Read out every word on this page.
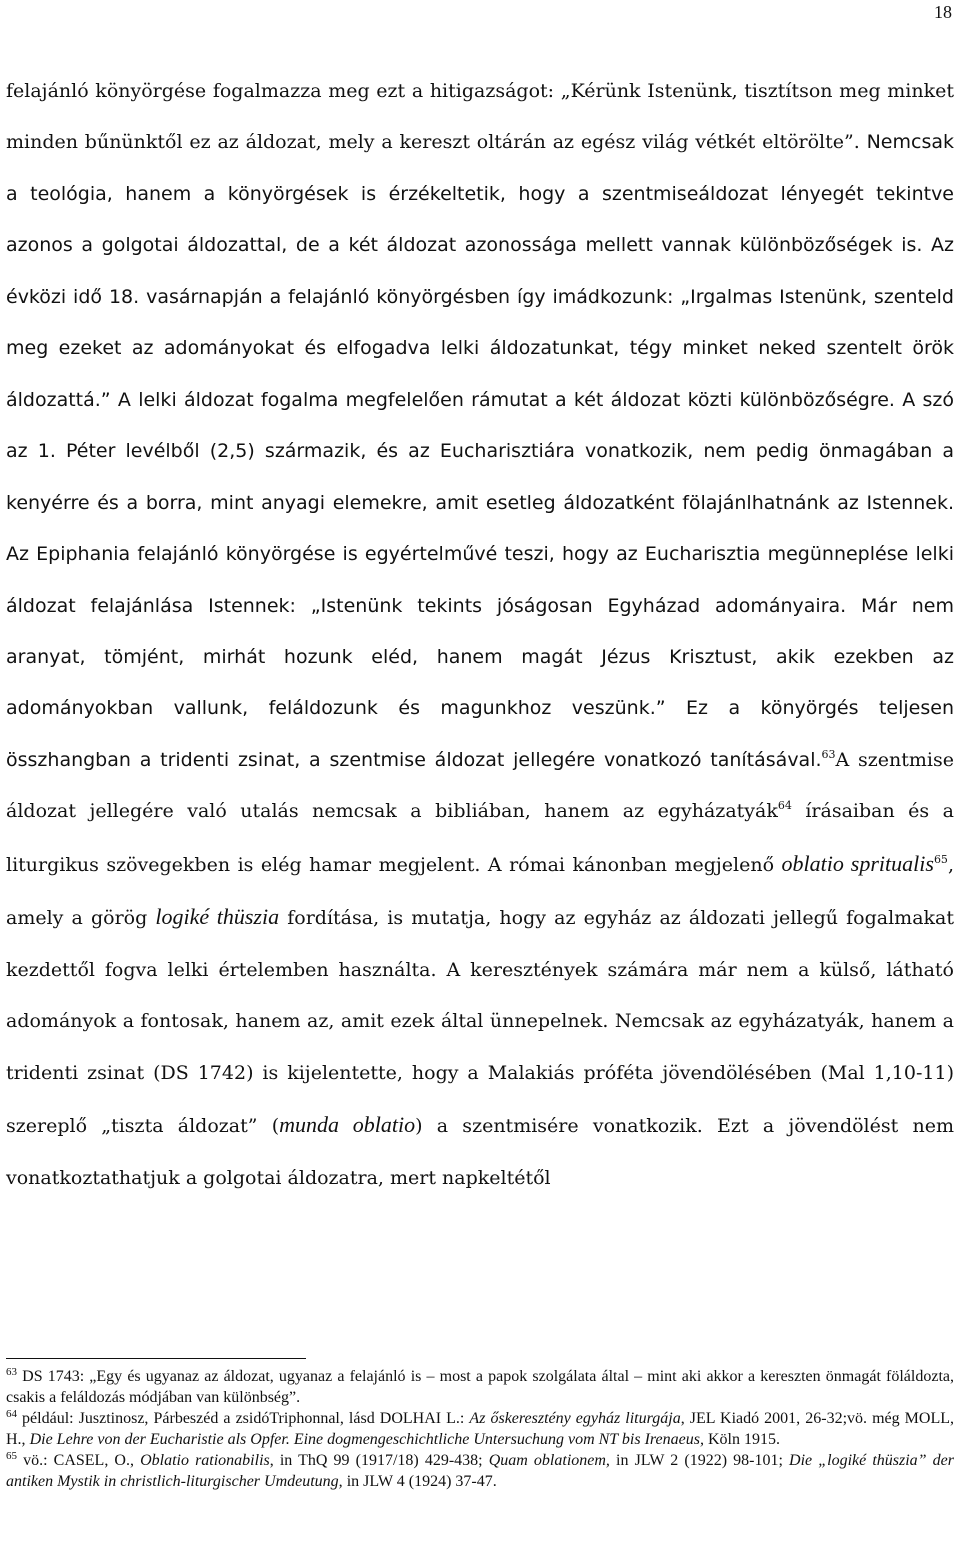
18

felajánló könyörgése fogalmazza meg ezt a hitigazságot: „Kérünk Istenünk, tisztítson meg minket minden bűnünktől ez az áldozat, mely a kereszt oltárán az egész világ vétkét eltörölte”. Nemcsak a teológia, hanem a könyörgések is érzékeltetik, hogy a szentmiseáldozat lényegét tekintve azonos a golgotai áldozattal, de a két áldozat azonossága mellett vannak különbözőségek is. Az évközi idő 18. vasárnapján a felajánló könyörgésben így imádkozunk: „Irgalmas Istenünk, szenteld meg ezeket az adományokat és elfogadva lelki áldozatunkat, tégy minket neked szentelt örök áldozattá.” A lelki áldozat fogalma megfelelően rámutat a két áldozat közti különbözőségre. A szó az 1. Péter levélből (2,5) származik, és az Eucharisztiára vonatkozik, nem pedig önmagában a kenyérre és a borra, mint anyagi elemekre, amit esetleg áldozatként fölajánlhatnánk az Istennek. Az Epiphania felajánló könyörgése is egyértelművé teszi, hogy az Eucharisztia megünneplése lelki áldozat felajánlása Istennek: „Istenünk tekints jóságosan Egyházad adományaira. Már nem aranyat, tömjént, mirhát hozunk eléd, hanem magát Jézus Krisztust, akik ezekben az adományokban vallunk, feláldozunk és magunkhoz veszünk.” Ez a könyörgés teljesen összhangban a tridenti zsinat, a szentmise áldozat jellegére vonatkozó tanításával.$^{63}$A szentmise áldozat jellegére való utalás nemcsak a bibliában, hanem az egyházatyák$^{64}$ írásaiban és a liturgikus szövegekben is elég hamar megjelent. A római kánonban megjelenő oblatio spritualis$^{65}$, amely a görög logiké thüszia fordítása, is mutatja, hogy az egyház az áldozati jellegű fogalmakat kezdettől fogva lelki értelemben használta. A keresztények számára már nem a külső, látható adományok a fontosak, hanem az, amit ezek által ünnepelnek. Nemcsak az egyházatyák, hanem a tridenti zsinat (DS 1742) is kijelentette, hogy a Malakiás próféta jövendölésében (Mal 1,10-11) szereplő „tiszta áldozat” (munda oblatio) a szentmisére vonatkozik. Ezt a jövendölést nem vonatkoztathatjuk a golgotai áldozatra, mert napkeltétől

$^{63}$ DS 1743: „Egy és ugyanaz az áldozat, ugyanaz a felajánló is – most a papok szolgálata által – mint aki akkor a kereszten önmagát föláldozta, csakis a feláldozás módjában van különbség”.

$^{64}$ például: Jusztinosz, Párbeszéd a zsidóTriphonnal, lásd DOLHAI L.: Az őskeresztény egyház liturgája, JEL Kiadó 2001, 26-32;vö. még MOLL, H., Die Lehre von der Eucharistie als Opfer. Eine dogmengeschichtliche Untersuchung vom NT bis Irenaeus, Köln 1915.

$^{65}$ vö.: CASEL, O., Oblatio rationabilis, in ThQ 99 (1917/18) 429-438; Quam oblationem, in JLW 2 (1922) 98-101; Die „logiké thüszia” der antiken Mystik in christlich-liturgischer Umdeutung, in JLW 4 (1924) 37-47.
